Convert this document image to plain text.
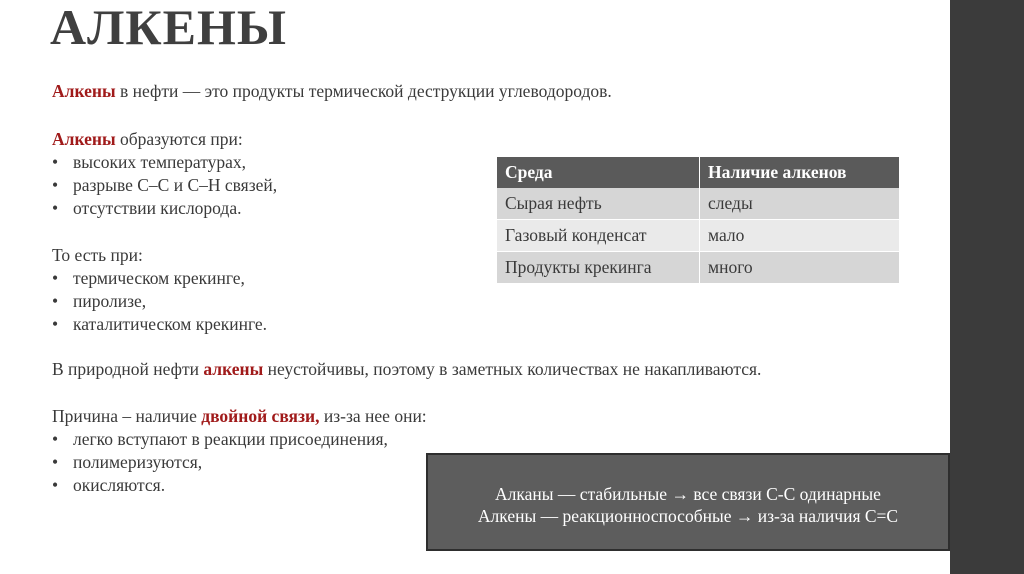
АЛКЕНЫ
Алкены в нефти — это продукты термической деструкции углеводородов.
Алкены образуются при:
• высоких температурах,
• разрыве С–С и С–Н связей,
• отсутствии кислорода.
То есть при:
• термическом крекинге,
• пиролизе,
• каталитическом крекинге.
В природной нефти алкены неустойчивы, поэтому в заметных количествах не накапливаются.
Причина – наличие двойной связи, из-за нее они:
• легко вступают в реакции присоединения,
• полимеризуются,
• окисляются.
Среда	Наличие алкенов
Сырая нефть	следы
Газовый конденсат	мало
Продукты крекинга	много
Алканы — стабильные → все связи С-С одинарные
Алкены — реакционноспособные → из-за наличия С=С
